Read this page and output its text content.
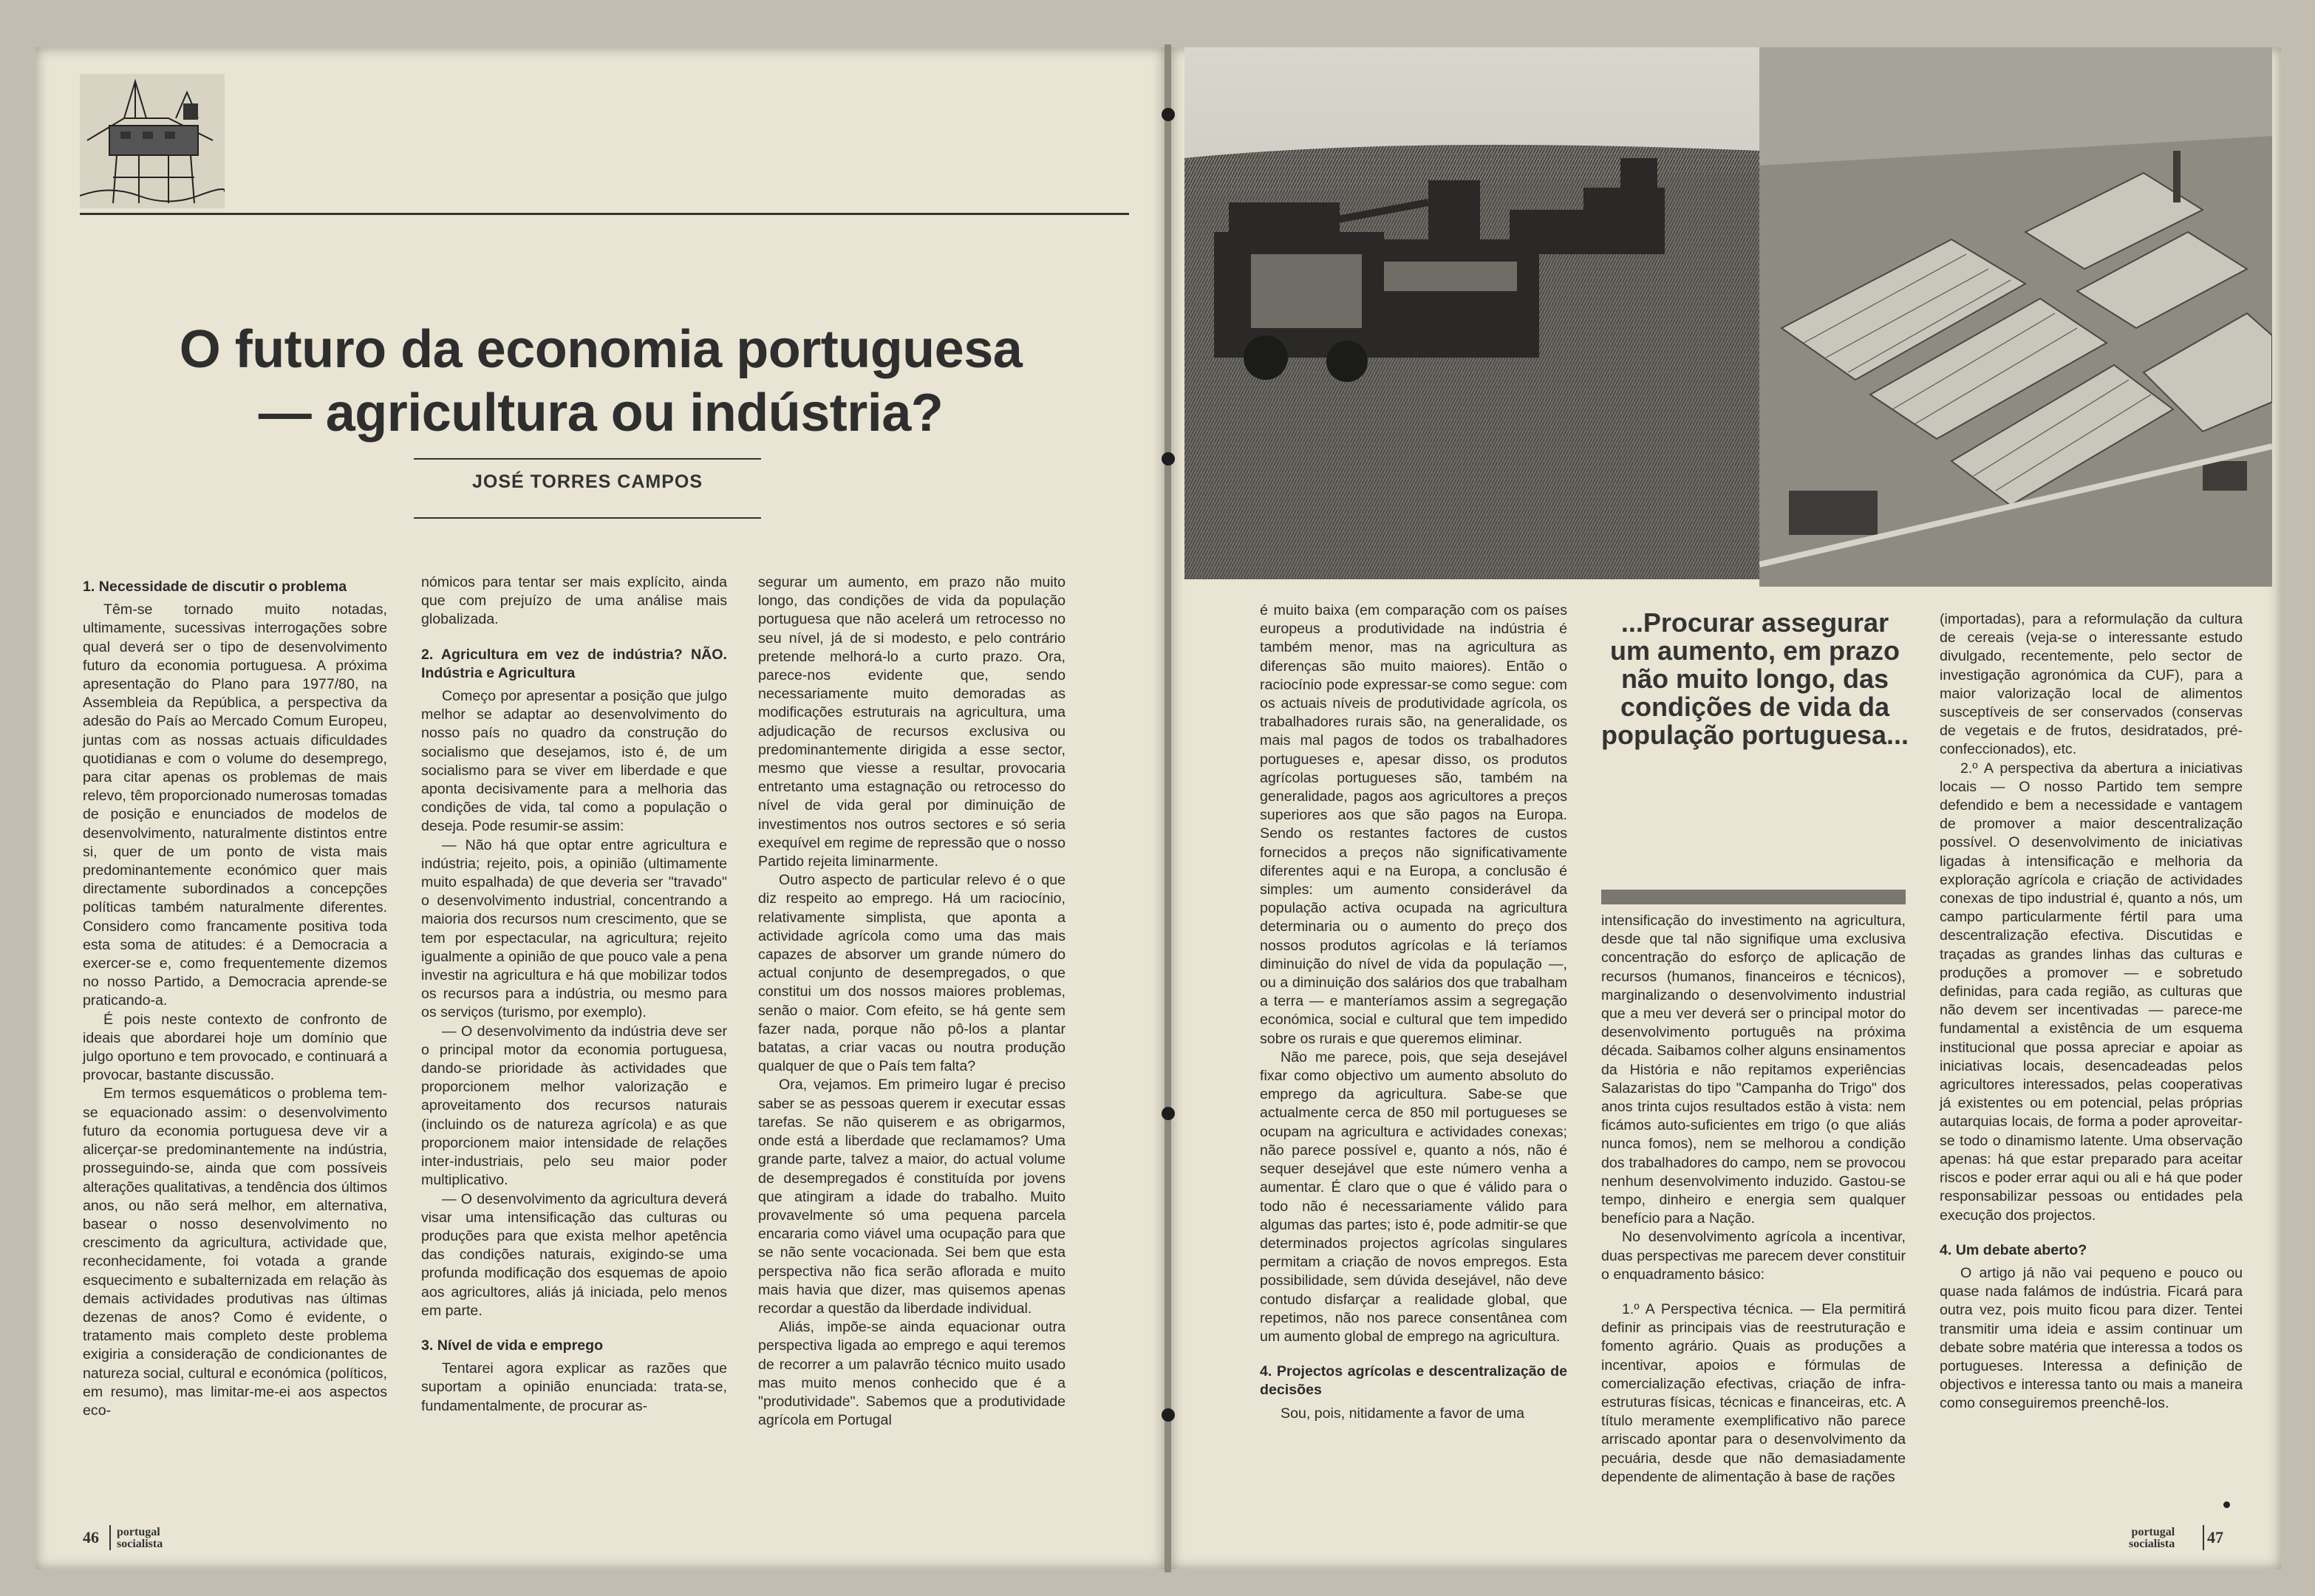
O futuro da economia portuguesa
— agricultura ou indústria?
JOSÉ TORRES CAMPOS

1. Necessidade de discutir o problema

Têm-se tornado muito notadas, ultimamente, sucessivas interrogações sobre qual deverá ser o tipo de desenvolvimento futuro da economia portuguesa. A próxima apresentação do Plano para 1977/80, na Assembleia da República, a perspectiva da adesão do País ao Mercado Comum Europeu, juntas com as nossas actuais dificuldades quotidianas e com o volume do desemprego, para citar apenas os problemas de mais relevo, têm proporcionado numerosas tomadas de posição e enunciados de modelos de desenvolvimento, naturalmente distintos entre si, quer de um ponto de vista mais predominantemente económico quer mais directamente subordinados a concepções políticas também naturalmente diferentes. Considero como francamente positiva toda esta soma de atitudes: é a Democracia a exercer-se e, como frequentemente dizemos no nosso Partido, a Democracia aprende-se praticando-a.

É pois neste contexto de confronto de ideais que abordarei hoje um domínio que julgo oportuno e tem provocado, e continuará a provocar, bastante discussão.

Em termos esquemáticos o problema tem-se equacionado assim: o desenvolvimento futuro da economia portuguesa deve vir a alicerçar-se predominantemente na indústria, prosseguindo-se, ainda que com possíveis alterações qualitativas, a tendência dos últimos anos, ou não será melhor, em alternativa, basear o nosso desenvolvimento no crescimento da agricultura, actividade que, reconhecidamente, foi votada a grande esquecimento e subalternizada em relação às demais actividades produtivas nas últimas dezenas de anos? Como é evidente, o tratamento mais completo deste problema exigiria a consideração de condicionantes de natureza social, cultural e económica (políticos, em resumo), mas limitar-me-ei aos aspectos eco-

nómicos para tentar ser mais explícito, ainda que com prejuízo de uma análise mais globalizada.

2. Agricultura em vez de indústria? NÃO. Indústria e Agricultura

Começo por apresentar a posição que julgo melhor se adaptar ao desenvolvimento do nosso país no quadro da construção do socialismo que desejamos, isto é, de um socialismo para se viver em liberdade e que aponta decisivamente para a melhoria das condições de vida, tal como a população o deseja. Pode resumir-se assim:

— Não há que optar entre agricultura e indústria; rejeito, pois, a opinião (ultimamente muito espalhada) de que deveria ser "travado" o desenvolvimento industrial, concentrando a maioria dos recursos num crescimento, que se tem por espectacular, na agricultura; rejeito igualmente a opinião de que pouco vale a pena investir na agricultura e há que mobilizar todos os recursos para a indústria, ou mesmo para os serviços (turismo, por exemplo).

— O desenvolvimento da indústria deve ser o principal motor da economia portuguesa, dando-se prioridade às actividades que proporcionem melhor valorização e aproveitamento dos recursos naturais (incluindo os de natureza agrícola) e as que proporcionem maior intensidade de relações inter-industriais, pelo seu maior poder multiplicativo.

— O desenvolvimento da agricultura deverá visar uma intensificação das culturas ou produções para que exista melhor apetência das condições naturais, exigindo-se uma profunda modificação dos esquemas de apoio aos agricultores, aliás já iniciada, pelo menos em parte.

3. Nível de vida e emprego

Tentarei agora explicar as razões que suportam a opinião enunciada: trata-se, fundamentalmente, de procurar as-

segurar um aumento, em prazo não muito longo, das condições de vida da população portuguesa que não acelerá um retrocesso no seu nível, já de si modesto, e pelo contrário pretende melhorá-lo a curto prazo. Ora, parece-nos evidente que, sendo necessariamente muito demoradas as modificações estruturais na agricultura, uma adjudicação de recursos exclusiva ou predominantemente dirigida a esse sector, mesmo que viesse a resultar, provocaria entretanto uma estagnação ou retrocesso do nível de vida geral por diminuição de investimentos nos outros sectores e só seria exequível em regime de repressão que o nosso Partido rejeita liminarmente.

Outro aspecto de particular relevo é o que diz respeito ao emprego. Há um raciocínio, relativamente simplista, que aponta a actividade agrícola como uma das mais capazes de absorver um grande número do actual conjunto de desempregados, o que constitui um dos nossos maiores problemas, senão o maior. Com efeito, se há gente sem fazer nada, porque não pô-los a plantar batatas, a criar vacas ou noutra produção qualquer de que o País tem falta?

Ora, vejamos. Em primeiro lugar é preciso saber se as pessoas querem ir executar essas tarefas. Se não quiserem e as obrigarmos, onde está a liberdade que reclamamos? Uma grande parte, talvez a maior, do actual volume de desempregados é constituída por jovens que atingiram a idade do trabalho. Muito provavelmente só uma pequena parcela encararia como viável uma ocupação para que se não sente vocacionada. Sei bem que esta perspectiva não fica serão aflorada e muito mais havia que dizer, mas quisemos apenas recordar a questão da liberdade individual.

Aliás, impõe-se ainda equacionar outra perspectiva ligada ao emprego e aqui teremos de recorrer a um palavrão técnico muito usado mas muito menos conhecido que é a "produtividade". Sabemos que a produtividade agrícola em Portugal

46 portugal
socialista

é muito baixa (em comparação com os países europeus a produtividade na indústria é também menor, mas na agricultura as diferenças são muito maiores). Então o raciocínio pode expressar-se como segue: com os actuais níveis de produtividade agrícola, os trabalhadores rurais são, na generalidade, os mais mal pagos de todos os trabalhadores portugueses e, apesar disso, os produtos agrícolas portugueses são, também na generalidade, pagos aos agricultores a preços superiores aos que são pagos na Europa. Sendo os restantes factores de custos fornecidos a preços não significativamente diferentes aqui e na Europa, a conclusão é simples: um aumento considerável da população activa ocupada na agricultura determinaria ou o aumento do preço dos nossos produtos agrícolas e lá teríamos diminuição do nível de vida da população —, ou a diminuição dos salários dos que trabalham a terra — e manteríamos assim a segregação económica, social e cultural que tem impedido sobre os rurais e que queremos eliminar.

Não me parece, pois, que seja desejável fixar como objectivo um aumento absoluto do emprego da agricultura. Sabe-se que actualmente cerca de 850 mil portugueses se ocupam na agricultura e actividades conexas; não parece possível e, quanto a nós, não é sequer desejável que este número venha a aumentar. É claro que o que é válido para o todo não é necessariamente válido para algumas das partes; isto é, pode admitir-se que determinados projectos agrícolas singulares permitam a criação de novos empregos. Esta possibilidade, sem dúvida desejável, não deve contudo disfarçar a realidade global, que repetimos, não nos parece consentânea com um aumento global de emprego na agricultura.

4. Projectos agrícolas e descentralização de decisões

Sou, pois, nitidamente a favor de uma

...Procurar assegurar um aumento, em prazo não muito longo, das condições de vida da população portuguesa...

intensificação do investimento na agricultura, desde que tal não signifique uma exclusiva concentração do esforço de aplicação de recursos (humanos, financeiros e técnicos), marginalizando o desenvolvimento industrial que a meu ver deverá ser o principal motor do desenvolvimento português na próxima década. Saibamos colher alguns ensinamentos da História e não repitamos experiências Salazaristas do tipo "Campanha do Trigo" dos anos trinta cujos resultados estão à vista: nem ficámos auto-suficientes em trigo (o que aliás nunca fomos), nem se melhorou a condição dos trabalhadores do campo, nem se provocou nenhum desenvolvimento induzido. Gastou-se tempo, dinheiro e energia sem qualquer benefício para a Nação.

No desenvolvimento agrícola a incentivar, duas perspectivas me parecem dever constituir o enquadramento básico:

1.º A Perspectiva técnica. — Ela permitirá definir as principais vias de reestruturação e fomento agrário. Quais as produções a incentivar, apoios e fórmulas de comercialização efectivas, criação de infra-estruturas físicas, técnicas e financeiras, etc. A título meramente exemplificativo não parece arriscado apontar para o desenvolvimento da pecuária, desde que não demasiadamente dependente de alimentação à base de rações

(importadas), para a reformulação da cultura de cereais (veja-se o interessante estudo divulgado, recentemente, pelo sector de investigação agronómica da CUF), para a maior valorização local de alimentos susceptíveis de ser conservados (conservas de vegetais e de frutos, desidratados, pré-confeccionados), etc.

2.º A perspectiva da abertura a iniciativas locais — O nosso Partido tem sempre defendido e bem a necessidade e vantagem de promover a maior descentralização possível. O desenvolvimento de iniciativas ligadas à intensificação e melhoria da exploração agrícola e criação de actividades conexas de tipo industrial é, quanto a nós, um campo particularmente fértil para uma descentralização efectiva. Discutidas e traçadas as grandes linhas das culturas e produções a promover — e sobretudo definidas, para cada região, as culturas que não devem ser incentivadas — parece-me fundamental a existência de um esquema institucional que possa apreciar e apoiar as iniciativas locais, desencadeadas pelos agricultores interessados, pelas cooperativas já existentes ou em potencial, pelas próprias autarquias locais, de forma a poder aproveitar-se todo o dinamismo latente. Uma observação apenas: há que estar preparado para aceitar riscos e poder errar aqui ou ali e há que poder responsabilizar pessoas ou entidades pela execução dos projectos.

4. Um debate aberto?

O artigo já não vai pequeno e pouco ou quase nada falámos de indústria. Ficará para outra vez, pois muito ficou para dizer. Tentei transmitir uma ideia e assim continuar um debate sobre matéria que interessa a todos os portugueses. Interessa a definição de objectivos e interessa tanto ou mais a maneira como conseguiremos preenchê-los.

portugal
socialista 47
